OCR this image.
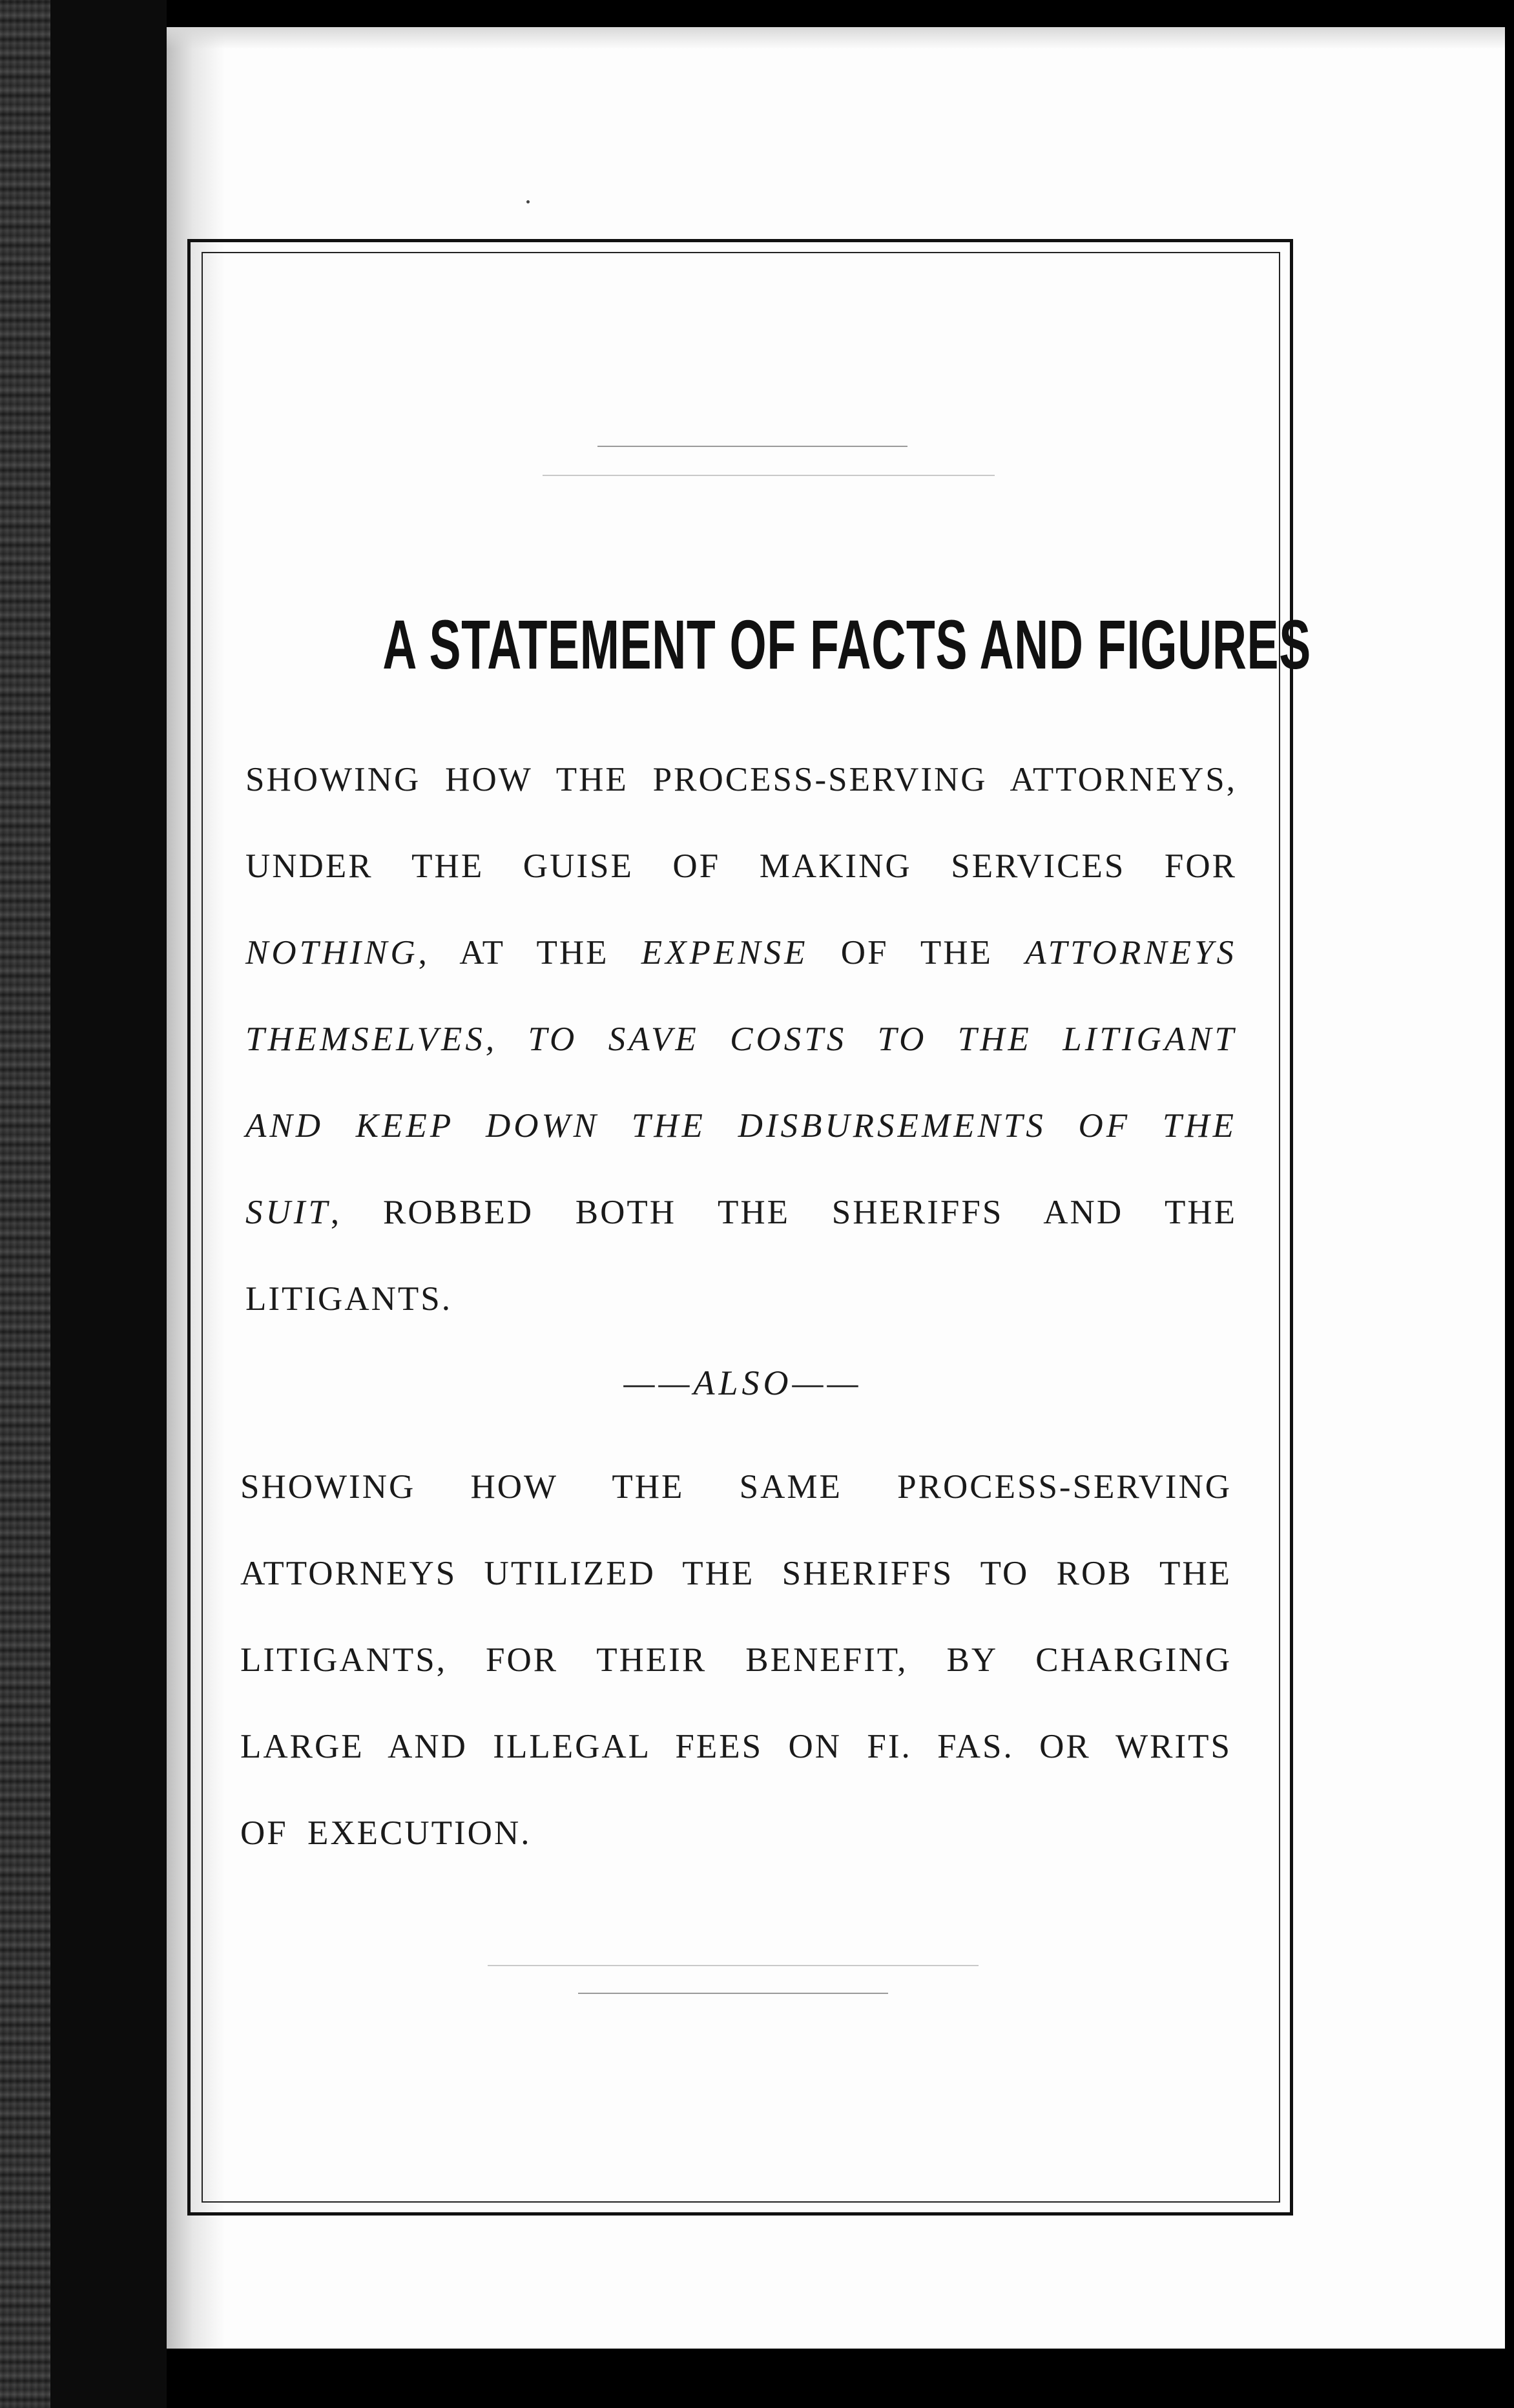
A STATEMENT OF FACTS AND FIGURES
SHOWING HOW THE PROCESS-SERVING ATTORNEYS, UNDER THE GUISE OF MAKING SERVICES FOR NOTHING, AT THE EXPENSE OF THE ATTORNEYS THEMSELVES, TO SAVE COSTS TO THE LITIGANT AND KEEP DOWN THE DISBURSEMENTS OF THE SUIT, ROBBED BOTH THE SHERIFFS AND THE LITIGANTS.
——ALSO——
SHOWING HOW THE SAME PROCESS-SERVING ATTORNEYS UTILIZED THE SHERIFFS TO ROB THE LITIGANTS, FOR THEIR BENEFIT, BY CHARGING LARGE AND ILLEGAL FEES ON FI. FAS. OR WRITS OF EXECUTION.
